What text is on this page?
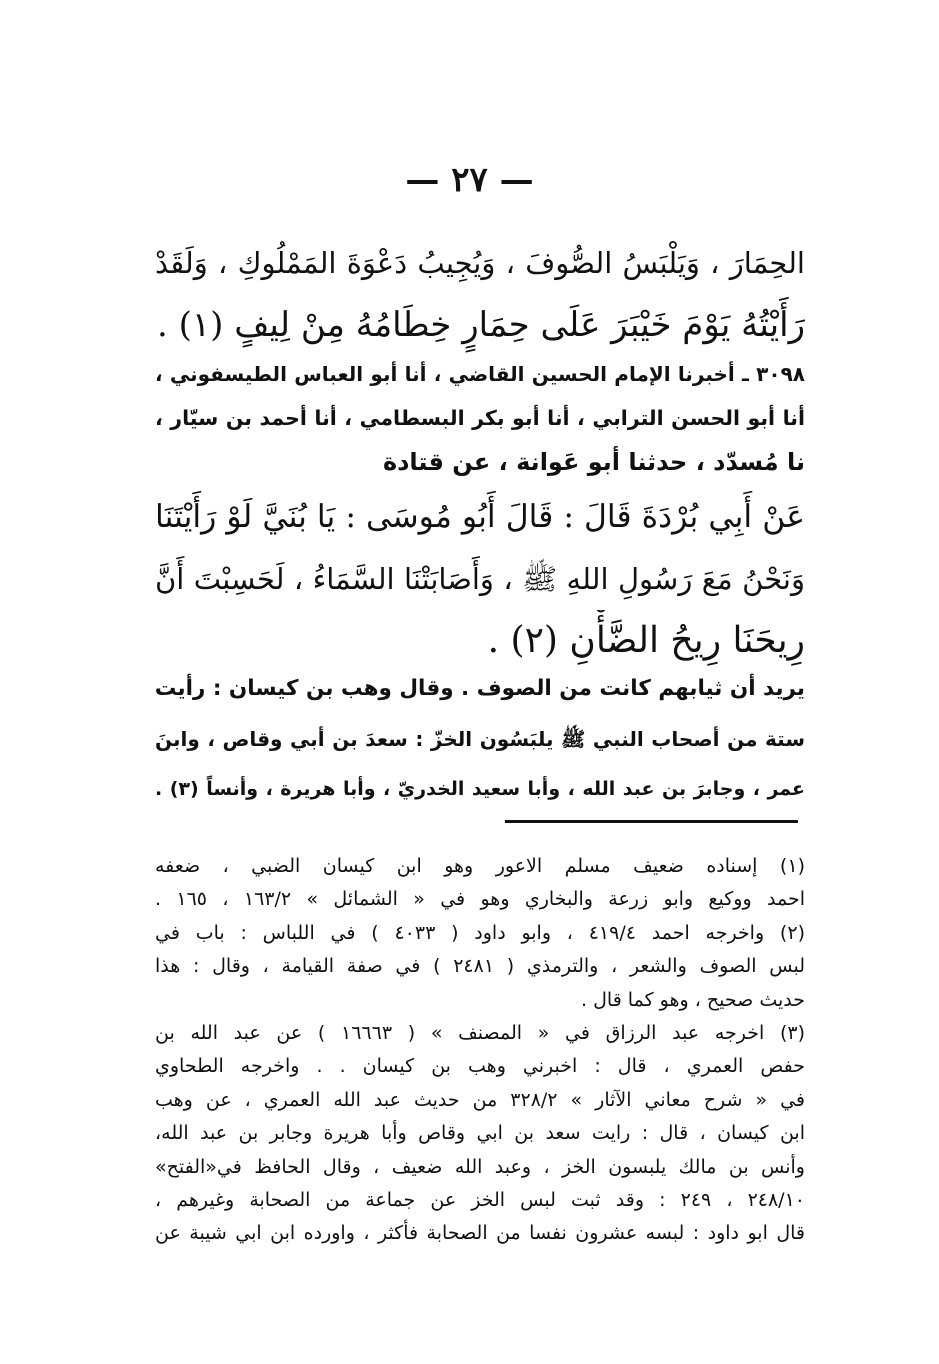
— ٢٧ —
الحِمَارَ ، وَيَلْبَسُ الصُّوفَ ، وَيُجِيبُ دَعْوَةَ المَمْلُوكِ ، وَلَقَدْ
رَأَيْتُهُ يَوْمَ خَيْبَرَ عَلَى حِمَارٍ خِطَامُهُ مِنْ لِيفٍ (١) .
٣٠٩٨ ـ أخبرنا الإمام الحسين القاضي ، أنا أبو العباس الطيسفوني ،
أنا أبو الحسن الترابي ، أنا أبو بكر البسطامي ، أنا أحمد بن سيّار ،
نا مُسدّد ، حدثنا أبو عَوانة ، عن قتادة
عَنْ أَبِي بُرْدَةَ قَالَ : قَالَ أَبُو مُوسَى : يَا بُنَيَّ لَوْ رَأَيْتَنَا
وَنَحْنُ مَعَ رَسُولِ اللهِ ﷺ ، وَأَصَابَتْنَا السَّمَاءُ ، لَحَسِبْتَ أَنَّ
رِيحَنَا رِيحُ الضَّأْنِ (٢) .
يريد أن ثيابهم كانت من الصوف . وقال وهب بن كيسان : رأيت
ستة من أصحاب النبي ﷺ يلبَسُون الخزّ : سعدَ بن أبي وقاص ، وابنَ
عمر ، وجابرَ بن عبد الله ، وأبا سعيد الخدريّ ، وأبا هريرة ، وأنساً (٣) .
(١) إسناده ضعيف مسلم الاعور وهو ابن كيسان الضبي ، ضعفه
احمد ووكيع وابو زرعة والبخاري وهو في « الشمائل » ١٦٣/٢ ، ١٦٥ .
(٢) واخرجه احمد ٤١٩/٤ ، وابو داود ( ٤٠٣٣ ) في اللباس : باب في
لبس الصوف والشعر ، والترمذي ( ٢٤٨١ ) في صفة القيامة ، وقال : هذا
حديث صحيح ، وهو كما قال .
(٣) اخرجه عبد الرزاق في « المصنف » ( ١٦٦٦٣ ) عن عبد الله بن
حفص العمري ، قال : اخبرني وهب بن كيسان . . واخرجه الطحاوي
في « شرح معاني الآثار » ٣٢٨/٢ من حديث عبد الله العمري ، عن وهب
ابن كيسان ، قال : رايت سعد بن ابي وقاص وأبا هريرة وجابر بن عبد الله،
وأنس بن مالك يلبسون الخز ، وعبد الله ضعيف ، وقال الحافظ في«الفتح»
٢٤٨/١٠ ، ٢٤٩ : وقد ثبت لبس الخز عن جماعة من الصحابة وغيرهم ،
قال ابو داود : لبسه عشرون نفسا من الصحابة فأكثر ، واورده ابن ابي شيبة عن
